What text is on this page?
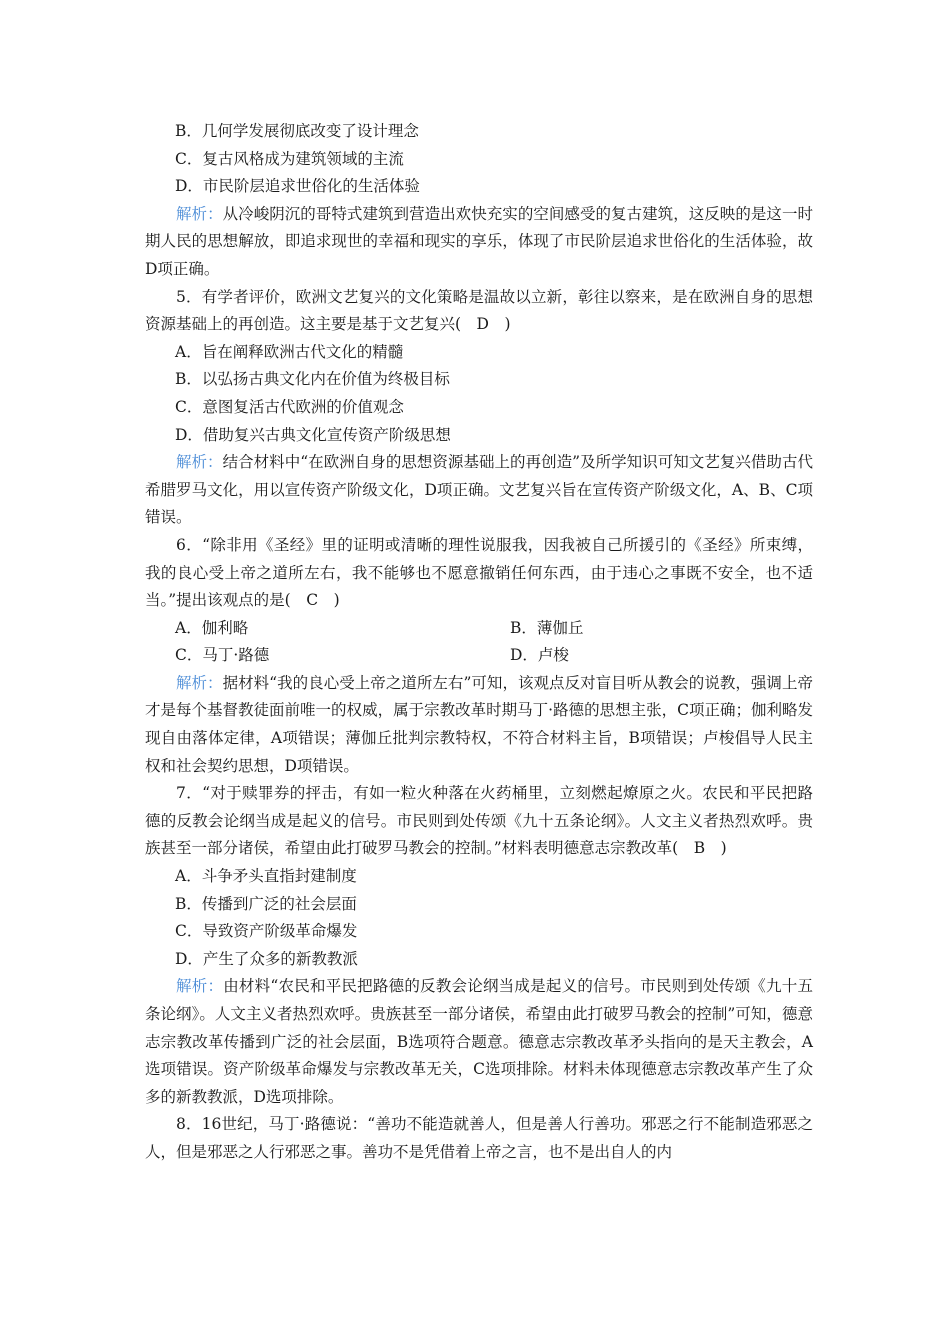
B．几何学发展彻底改变了设计理念

C．复古风格成为建筑领域的主流

D．市民阶层追求世俗化的生活体验

解析：从冷峻阴沉的哥特式建筑到营造出欢快充实的空间感受的复古建筑，这反映的是这一时期人民的思想解放，即追求现世的幸福和现实的享乐，体现了市民阶层追求世俗化的生活体验，故D项正确。

5．有学者评价，欧洲文艺复兴的文化策略是温故以立新，彰往以察来，是在欧洲自身的思想资源基础上的再创造。这主要是基于文艺复兴(　D　)

A．旨在阐释欧洲古代文化的精髓

B．以弘扬古典文化内在价值为终极目标

C．意图复活古代欧洲的价值观念

D．借助复兴古典文化宣传资产阶级思想

解析：结合材料中“在欧洲自身的思想资源基础上的再创造”及所学知识可知文艺复兴借助古代希腊罗马文化，用以宣传资产阶级文化，D项正确。文艺复兴旨在宣传资产阶级文化，A、B、C项错误。

6．“除非用《圣经》里的证明或清晰的理性说服我，因我被自己所援引的《圣经》所束缚，我的良心受上帝之道所左右，我不能够也不愿意撤销任何东西，由于违心之事既不安全，也不适当。”提出该观点的是(　C　)

A．伽利略	B．薄伽丘
C．马丁·路德	D．卢梭

解析：据材料“我的良心受上帝之道所左右”可知，该观点反对盲目听从教会的说教，强调上帝才是每个基督教徒面前唯一的权威，属于宗教改革时期马丁·路德的思想主张，C项正确；伽利略发现自由落体定律，A项错误；薄伽丘批判宗教特权，不符合材料主旨，B项错误；卢梭倡导人民主权和社会契约思想，D项错误。

7．“对于赎罪券的抨击，有如一粒火种落在火药桶里，立刻燃起燎原之火。农民和平民把路德的反教会论纲当成是起义的信号。市民则到处传颂《九十五条论纲》。人文主义者热烈欢呼。贵族甚至一部分诸侯，希望由此打破罗马教会的控制。”材料表明德意志宗教改革(　B　)

A．斗争矛头直指封建制度

B．传播到广泛的社会层面

C．导致资产阶级革命爆发

D．产生了众多的新教教派

解析：由材料“农民和平民把路德的反教会论纲当成是起义的信号。市民则到处传颂《九十五条论纲》。人文主义者热烈欢呼。贵族甚至一部分诸侯，希望由此打破罗马教会的控制”可知，德意志宗教改革传播到广泛的社会层面，B选项符合题意。德意志宗教改革矛头指向的是天主教会，A选项错误。资产阶级革命爆发与宗教改革无关，C选项排除。材料未体现德意志宗教改革产生了众多的新教教派，D选项排除。

8．16世纪，马丁·路德说：“善功不能造就善人，但是善人行善功。邪恶之行不能制造邪恶之人，但是邪恶之人行邪恶之事。善功不是凭借着上帝之言，也不是出自人的内
